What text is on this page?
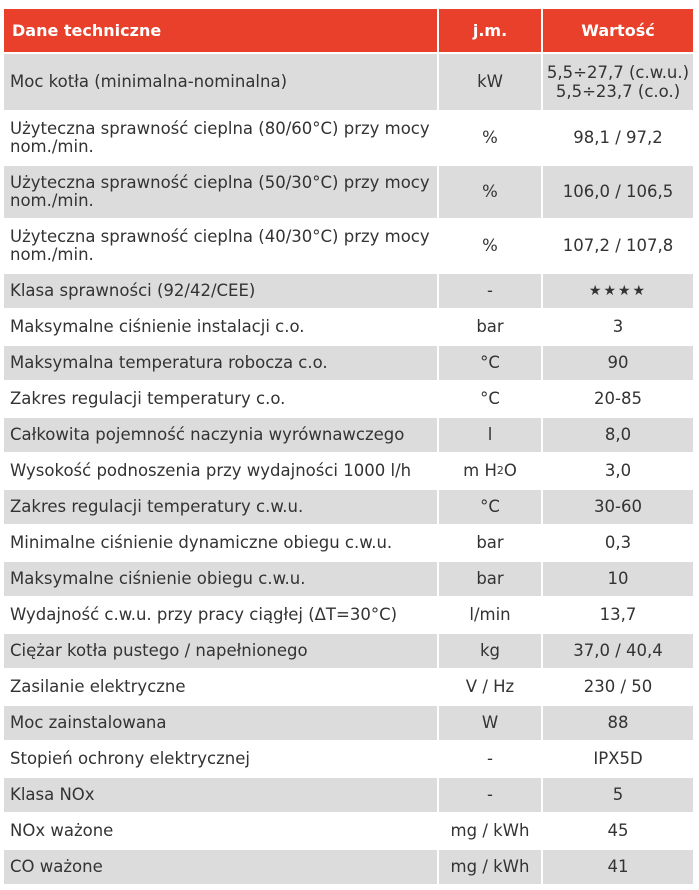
Dane techniczne	j.m.	Wartość
Moc kotła (minimalna-nominalna)	kW	5,5÷27,7 (c.w.u.)
5,5÷23,7 (c.o.)
Użyteczna sprawność cieplna (80/60°C) przy mocy nom./min.	%	98,1 / 97,2
Użyteczna sprawność cieplna (50/30°C) przy mocy nom./min.	%	106,0 / 106,5
Użyteczna sprawność cieplna (40/30°C) przy mocy nom./min.	%	107,2 / 107,8
Klasa sprawności (92/42/CEE)	-	★★★★
Maksymalne ciśnienie instalacji c.o.	bar	3
Maksymalna temperatura robocza c.o.	°C	90
Zakres regulacji temperatury c.o.	°C	20-85
Całkowita pojemność naczynia wyrównawczego	l	8,0
Wysokość podnoszenia przy wydajności 1000 l/h	m H 2 O	3,0
Zakres regulacji temperatury c.w.u.	°C	30-60
Minimalne ciśnienie dynamiczne obiegu c.w.u.	bar	0,3
Maksymalne ciśnienie obiegu c.w.u.	bar	10
Wydajność c.w.u. przy pracy ciągłej (ΔT=30°C)	l/min	13,7
Ciężar kotła pustego / napełnionego	kg	37,0 / 40,4
Zasilanie elektryczne	V / Hz	230 / 50
Moc zainstalowana	W	88
Stopień ochrony elektrycznej	-	IPX5D
Klasa NOx	-	5
NOx ważone	mg / kWh	45
CO ważone	mg / kWh	41
